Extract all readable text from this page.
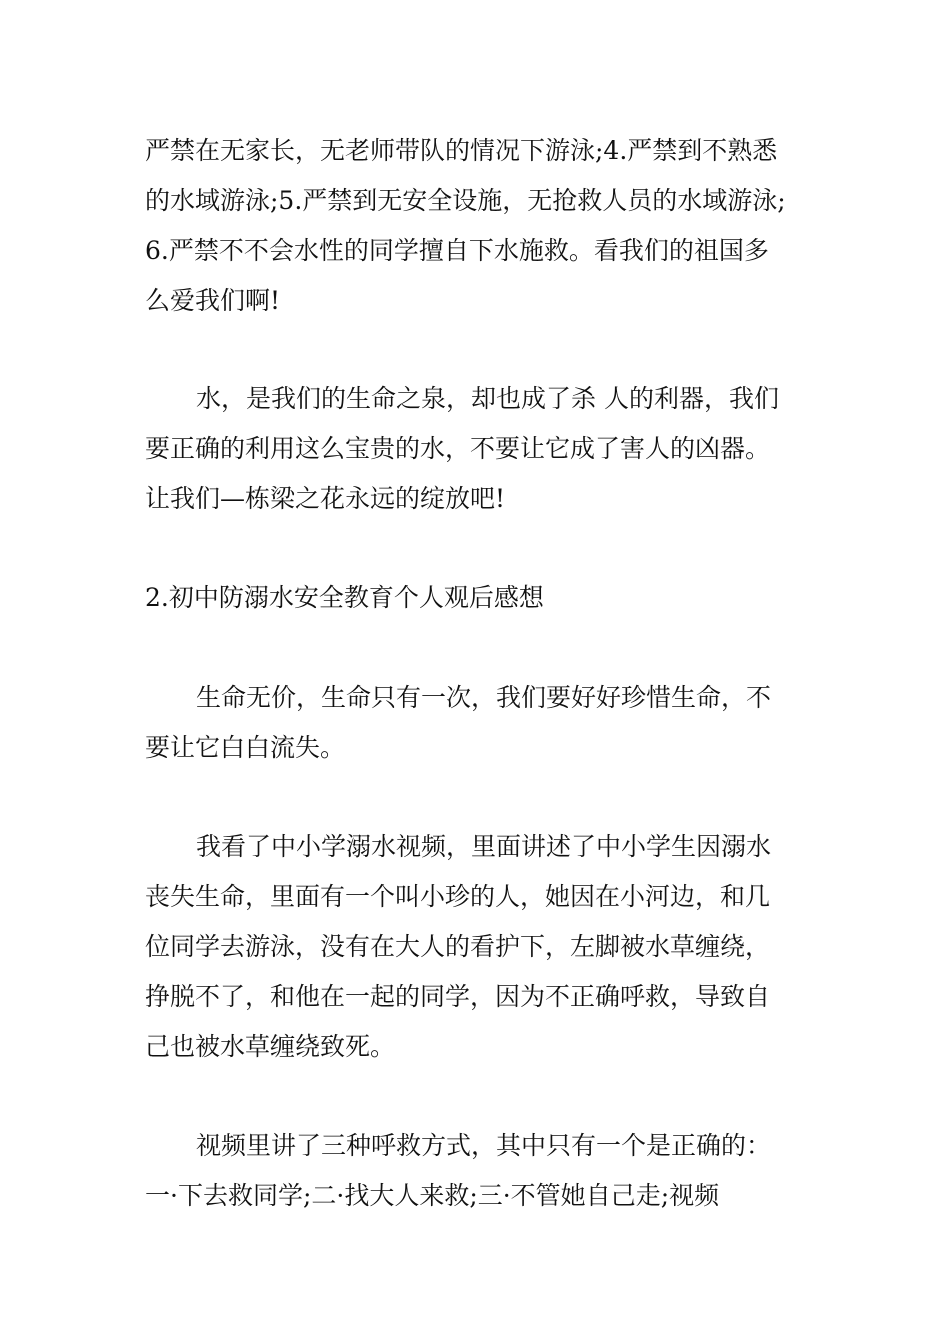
严禁在无家长，无老师带队的情况下游泳;4.严禁到不熟悉

的水域游泳;5.严禁到无安全设施，无抢救人员的水域游泳;

6.严禁不不会水性的同学擅自下水施救。看我们的祖国多

么爱我们啊!

水，是我们的生命之泉，却也成了杀 人的利器，我们

要正确的利用这么宝贵的水，不要让它成了害人的凶器。

让我们—栋梁之花永远的绽放吧!

2.初中防溺水安全教育个人观后感想

生命无价，生命只有一次，我们要好好珍惜生命，不

要让它白白流失。

我看了中小学溺水视频，里面讲述了中小学生因溺水

丧失生命，里面有一个叫小珍的人，她因在小河边，和几

位同学去游泳，没有在大人的看护下，左脚被水草缠绕，

挣脱不了，和他在一起的同学，因为不正确呼救，导致自

己也被水草缠绕致死。

视频里讲了三种呼救方式，其中只有一个是正确的：

一·下去救同学;二·找大人来救;三·不管她自己走;视频
